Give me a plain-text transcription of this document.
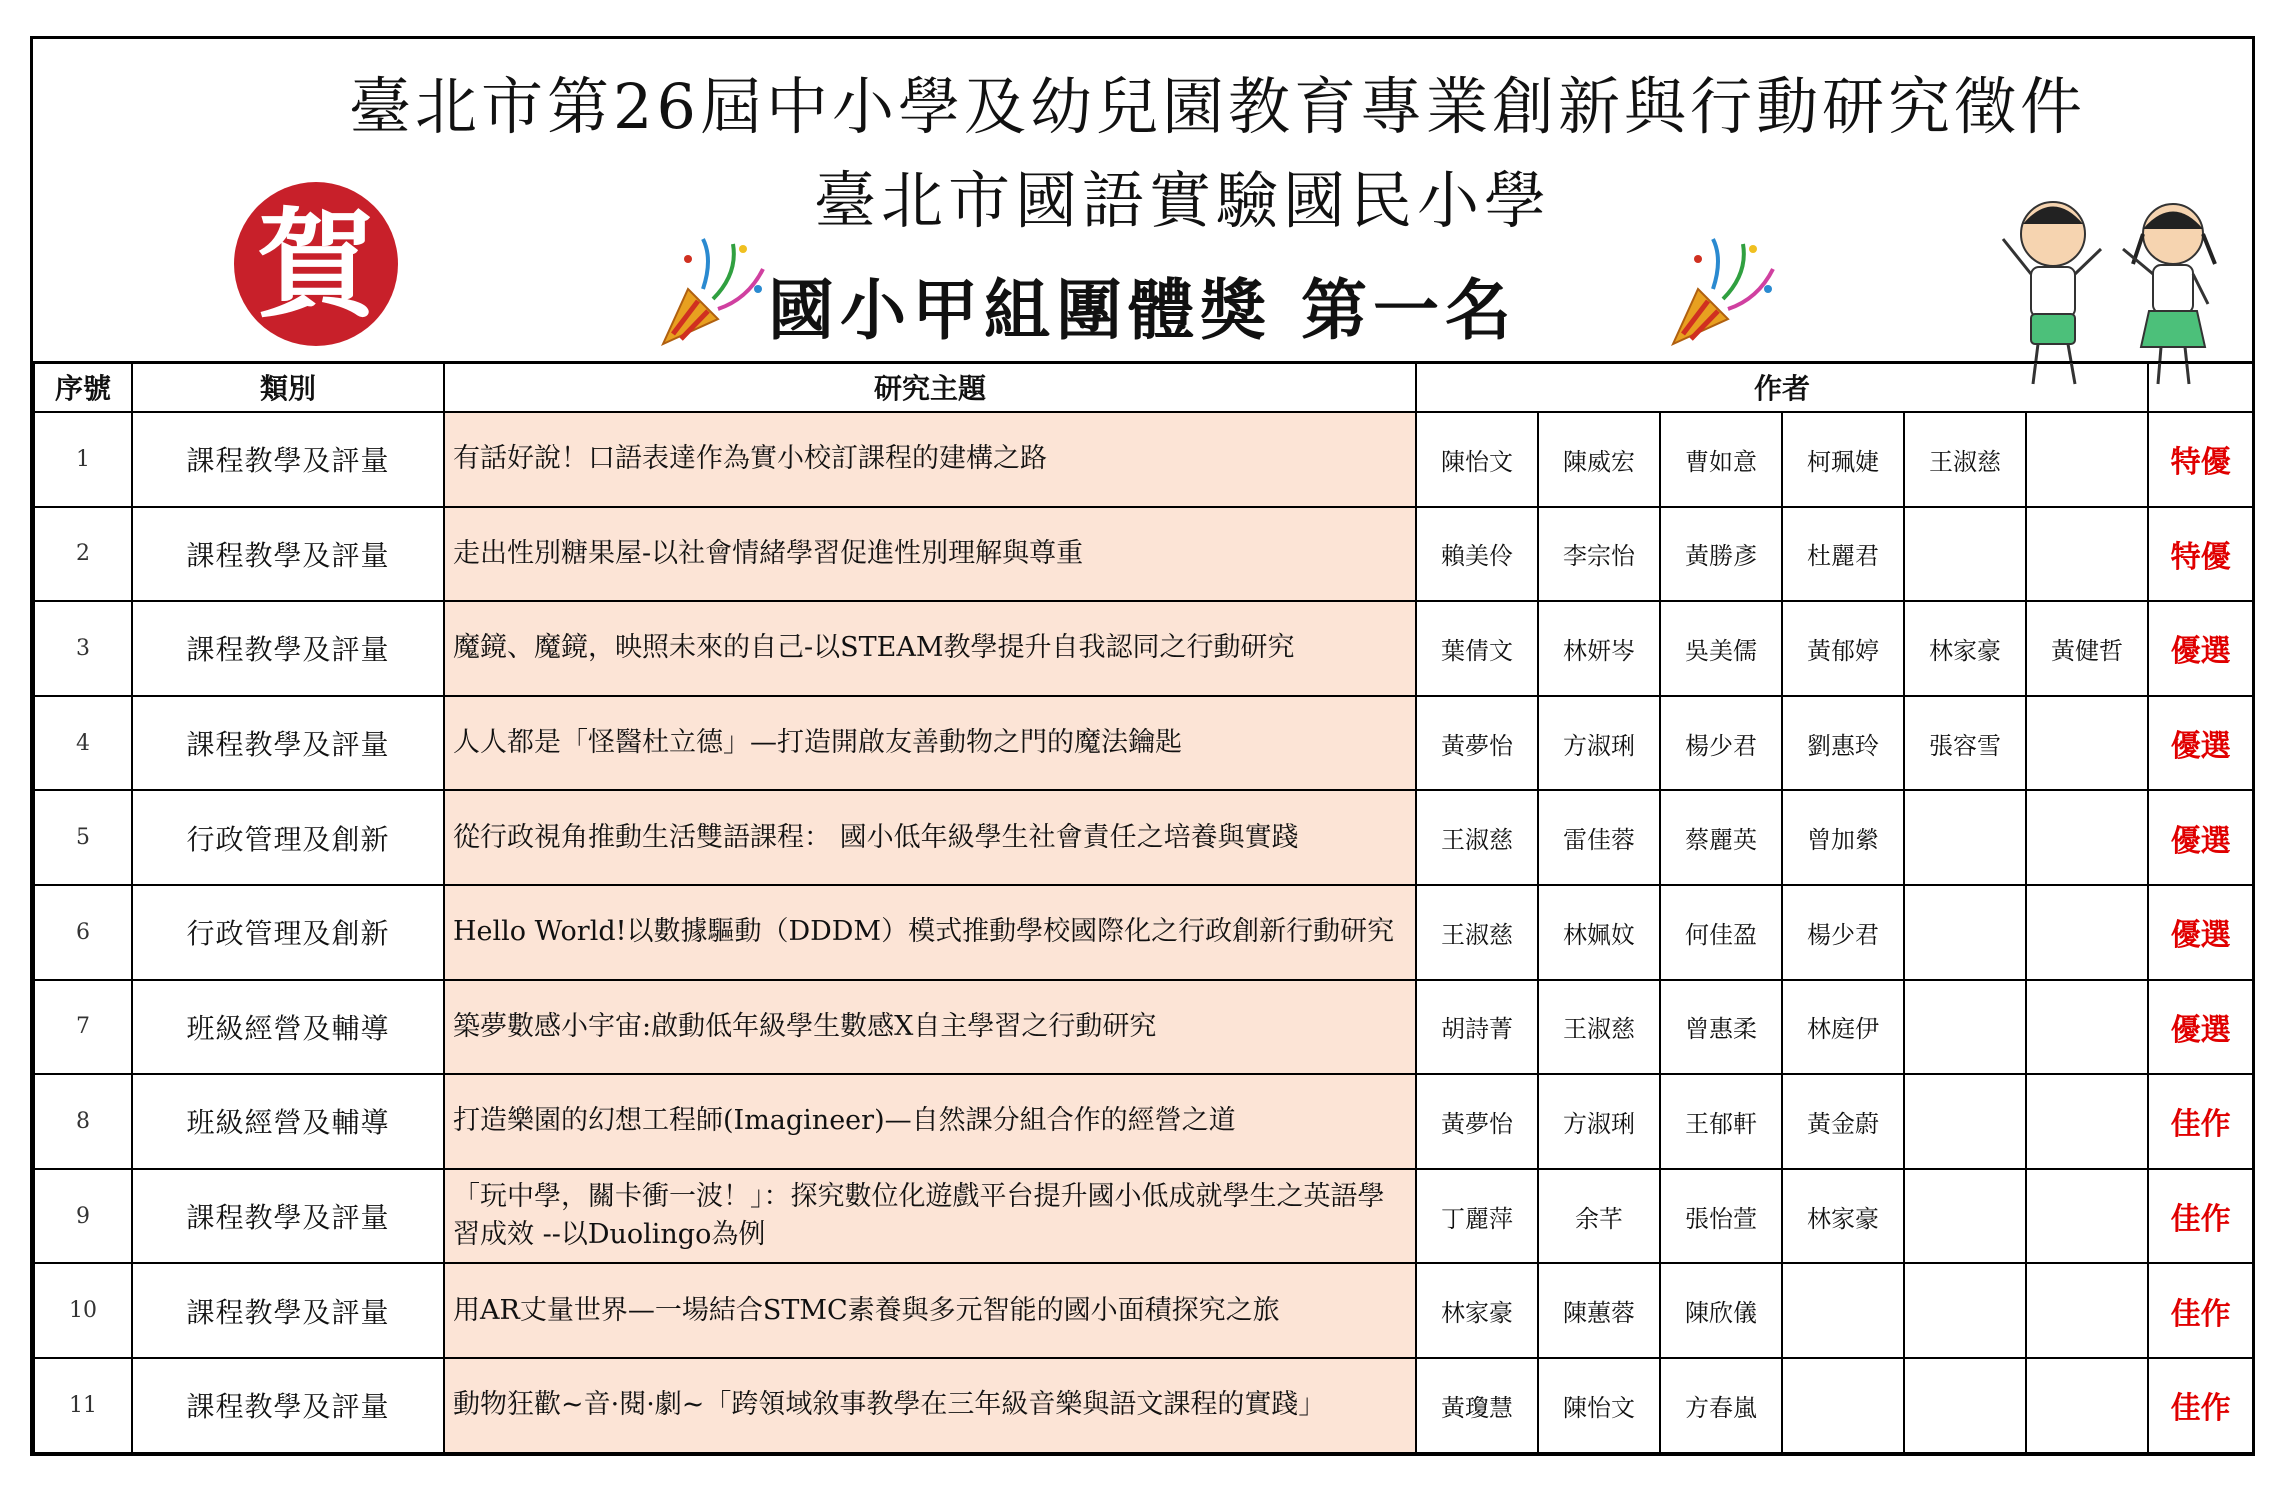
臺北市第26屆中小學及幼兒園教育專業創新與行動研究徵件
臺北市國語實驗國民小學
國小甲組團體獎 第一名
賀
序號	類別	研究主題	作者						
1	課程教學及評量	有話好說！口語表達作為實小校訂課程的建構之路	陳怡文	陳威宏	曹如意	柯珮婕	王淑慈		特優
2	課程教學及評量	走出性別糖果屋-以社會情緒學習促進性別理解與尊重	賴美伶	李宗怡	黃勝彥	杜麗君			特優
3	課程教學及評量	魔鏡、魔鏡，映照未來的自己-以STEAM教學提升自我認同之行動研究	葉倩文	林妍岑	吳美儒	黃郁婷	林家豪	黃健哲	優選
4	課程教學及評量	人人都是「怪醫杜立德」—打造開啟友善動物之門的魔法鑰匙	黃夢怡	方淑琍	楊少君	劉惠玲	張容雪		優選
5	行政管理及創新	從行政視角推動生活雙語課程： 國小低年級學生社會責任之培養與實踐	王淑慈	雷佳蓉	蔡麗英	曾加縈			優選
6	行政管理及創新	Hello World!以數據驅動（DDDM）模式推動學校國際化之行政創新行動研究	王淑慈	林姵妏	何佳盈	楊少君			優選
7	班級經營及輔導	築夢數感小宇宙:啟動低年級學生數感X自主學習之行動研究	胡詩菁	王淑慈	曾惠柔	林庭伊			優選
8	班級經營及輔導	打造樂園的幻想工程師(Imagineer)—自然課分組合作的經營之道	黃夢怡	方淑琍	王郁軒	黃金蔚			佳作
9	課程教學及評量	「玩中學，關卡衝一波！」：探究數位化遊戲平台提升國小低成就學生之英語學習成效 --以Duolingo為例	丁麗萍	余芊	張怡萱	林家豪			佳作
10	課程教學及評量	用AR丈量世界—一場結合STMC素養與多元智能的國小面積探究之旅	林家豪	陳蕙蓉	陳欣儀				佳作
11	課程教學及評量	動物狂歡~音·閱·劇~「跨領域敘事教學在三年級音樂與語文課程的實踐」	黃瓊慧	陳怡文	方春嵐				佳作
